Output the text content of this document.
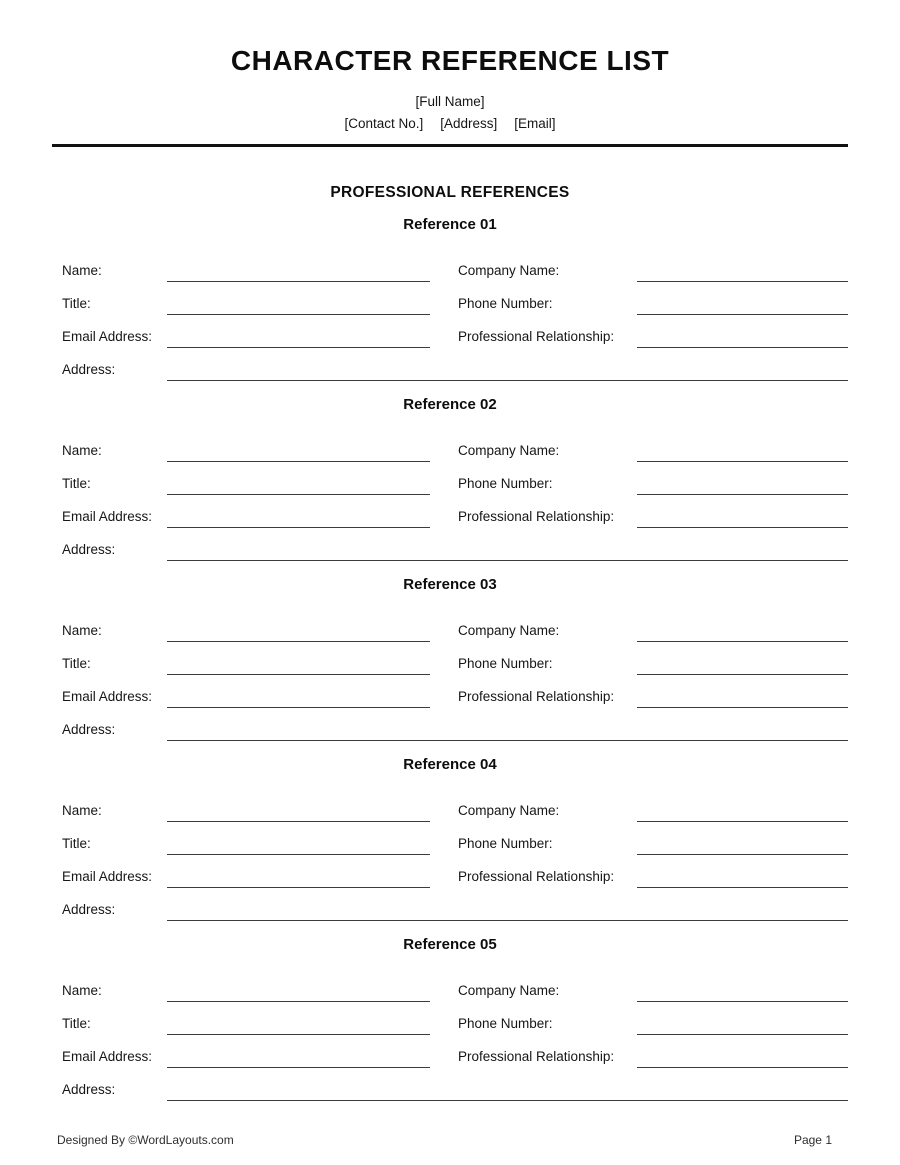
CHARACTER REFERENCE LIST
[Full Name]
[Contact No.] [Address] [Email]
PROFESSIONAL REFERENCES
Reference 01
Name:	Company Name:
Title:	Phone Number:
Email Address:	Professional Relationship:
Address:
Reference 02
Name:	Company Name:
Title:	Phone Number:
Email Address:	Professional Relationship:
Address:
Reference 03
Name:	Company Name:
Title:	Phone Number:
Email Address:	Professional Relationship:
Address:
Reference 04
Name:	Company Name:
Title:	Phone Number:
Email Address:	Professional Relationship:
Address:
Reference 05
Name:	Company Name:
Title:	Phone Number:
Email Address:	Professional Relationship:
Address:
Designed By ©WordLayouts.com	Page 1
